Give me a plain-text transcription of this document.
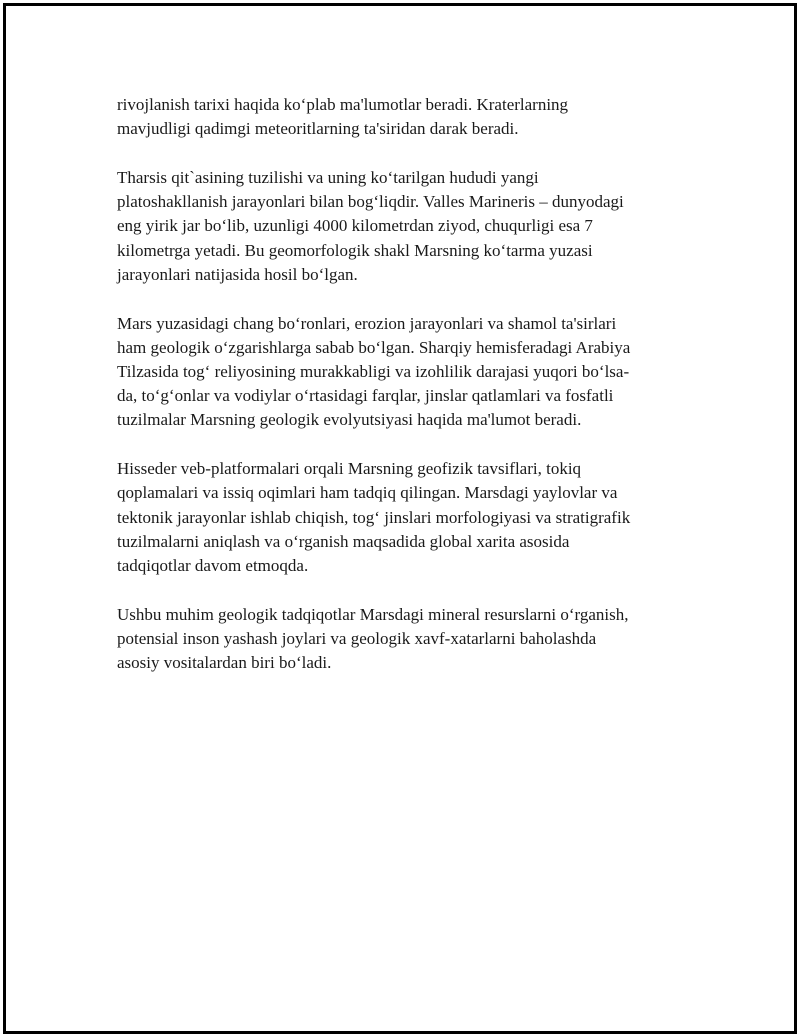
rivojlanish tarixi haqida koʻplab ma'lumotlar beradi. Kraterlarning
mavjudligi qadimgi meteoritlarning ta'siridan darak beradi.

Tharsis qit`asining tuzilishi va uning koʻtarilgan hududi yangi
platoshakllanish jarayonlari bilan bogʻliqdir. Valles Marineris – dunyodagi
eng yirik jar boʻlib, uzunligi 4000 kilometrdan ziyod, chuqurligi esa 7
kilometrga yetadi. Bu geomorfologik shakl Marsning koʻtarma yuzasi
jarayonlari natijasida hosil boʻlgan.

Mars yuzasidagi chang boʻronlari, erozion jarayonlari va shamol ta'sirlari
ham geologik oʻzgarishlarga sabab boʻlgan. Sharqiy hemisferadagi Arabiya
Tilzasida togʻ reliyosining murakkabligi va izohlilik darajasi yuqori boʻlsa-
da, toʻgʻonlar va vodiylar oʻrtasidagi farqlar, jinslar qatlamlari va fosfatli
tuzilmalar Marsning geologik evolyutsiyasi haqida ma'lumot beradi.

Hisseder veb-platformalari orqali Marsning geofizik tavsiflari, tokiq
qoplamalari va issiq oqimlari ham tadqiq qilingan. Marsdagi yaylovlar va
tektonik jarayonlar ishlab chiqish, togʻ jinslari morfologiyasi va stratigrafik
tuzilmalarni aniqlash va oʻrganish maqsadida global xarita asosida
tadqiqotlar davom etmoqda.

Ushbu muhim geologik tadqiqotlar Marsdagi mineral resurslarni oʻrganish,
potensial inson yashash joylari va geologik xavf-xatarlarni baholashda
asosiy vositalardan biri boʻladi.
